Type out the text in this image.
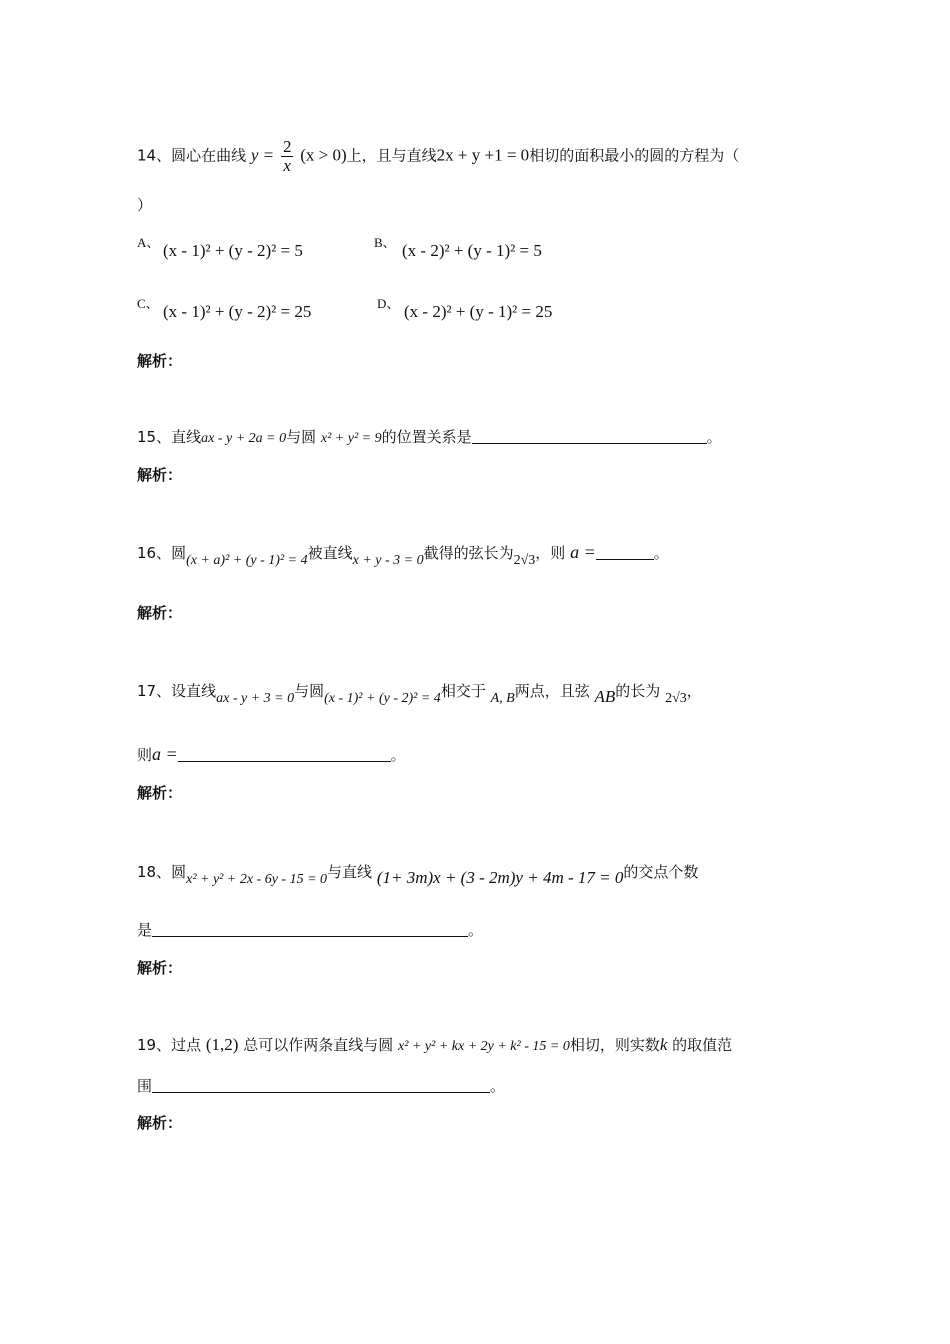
14、圆心在曲线 $y = \frac{2}{x} (x > 0)$上，且与直线2x + y +1 = 0相切的面积最小的圆的方程为（
）
A、 (x - 1)² + (y - 2)² = 5	B、 (x - 2)² + (y - 1)² = 5
C、 (x - 1)² + (y - 2)² = 25	D、 (x - 2)² + (y - 1)² = 25
解析：
15、直线ax - y + 2a = 0与圆 x² + y² = 9的位置关系是	。
解析：
16、圆(x + a)² + (y - 1)² = 4被直线x + y - 3 = 0截得的弦长为2√3，则 a =	。
解析：
17、设直线ax - y + 3 = 0与圆(x - 1)² + (y - 2)² = 4相交于 A, B两点，且弦 AB的长为 2√3，
则a =	。
解析：
18、圆x² + y² + 2x - 6y - 15 = 0与直线 (1+ 3m)x + (3 - 2m)y + 4m - 17 = 0的交点个数
是	。
解析：
19、过点 (1,2) 总可以作两条直线与圆 x² + y² + kx + 2y + k² - 15 = 0相切，则实数k 的取值范
围	。
解析：
